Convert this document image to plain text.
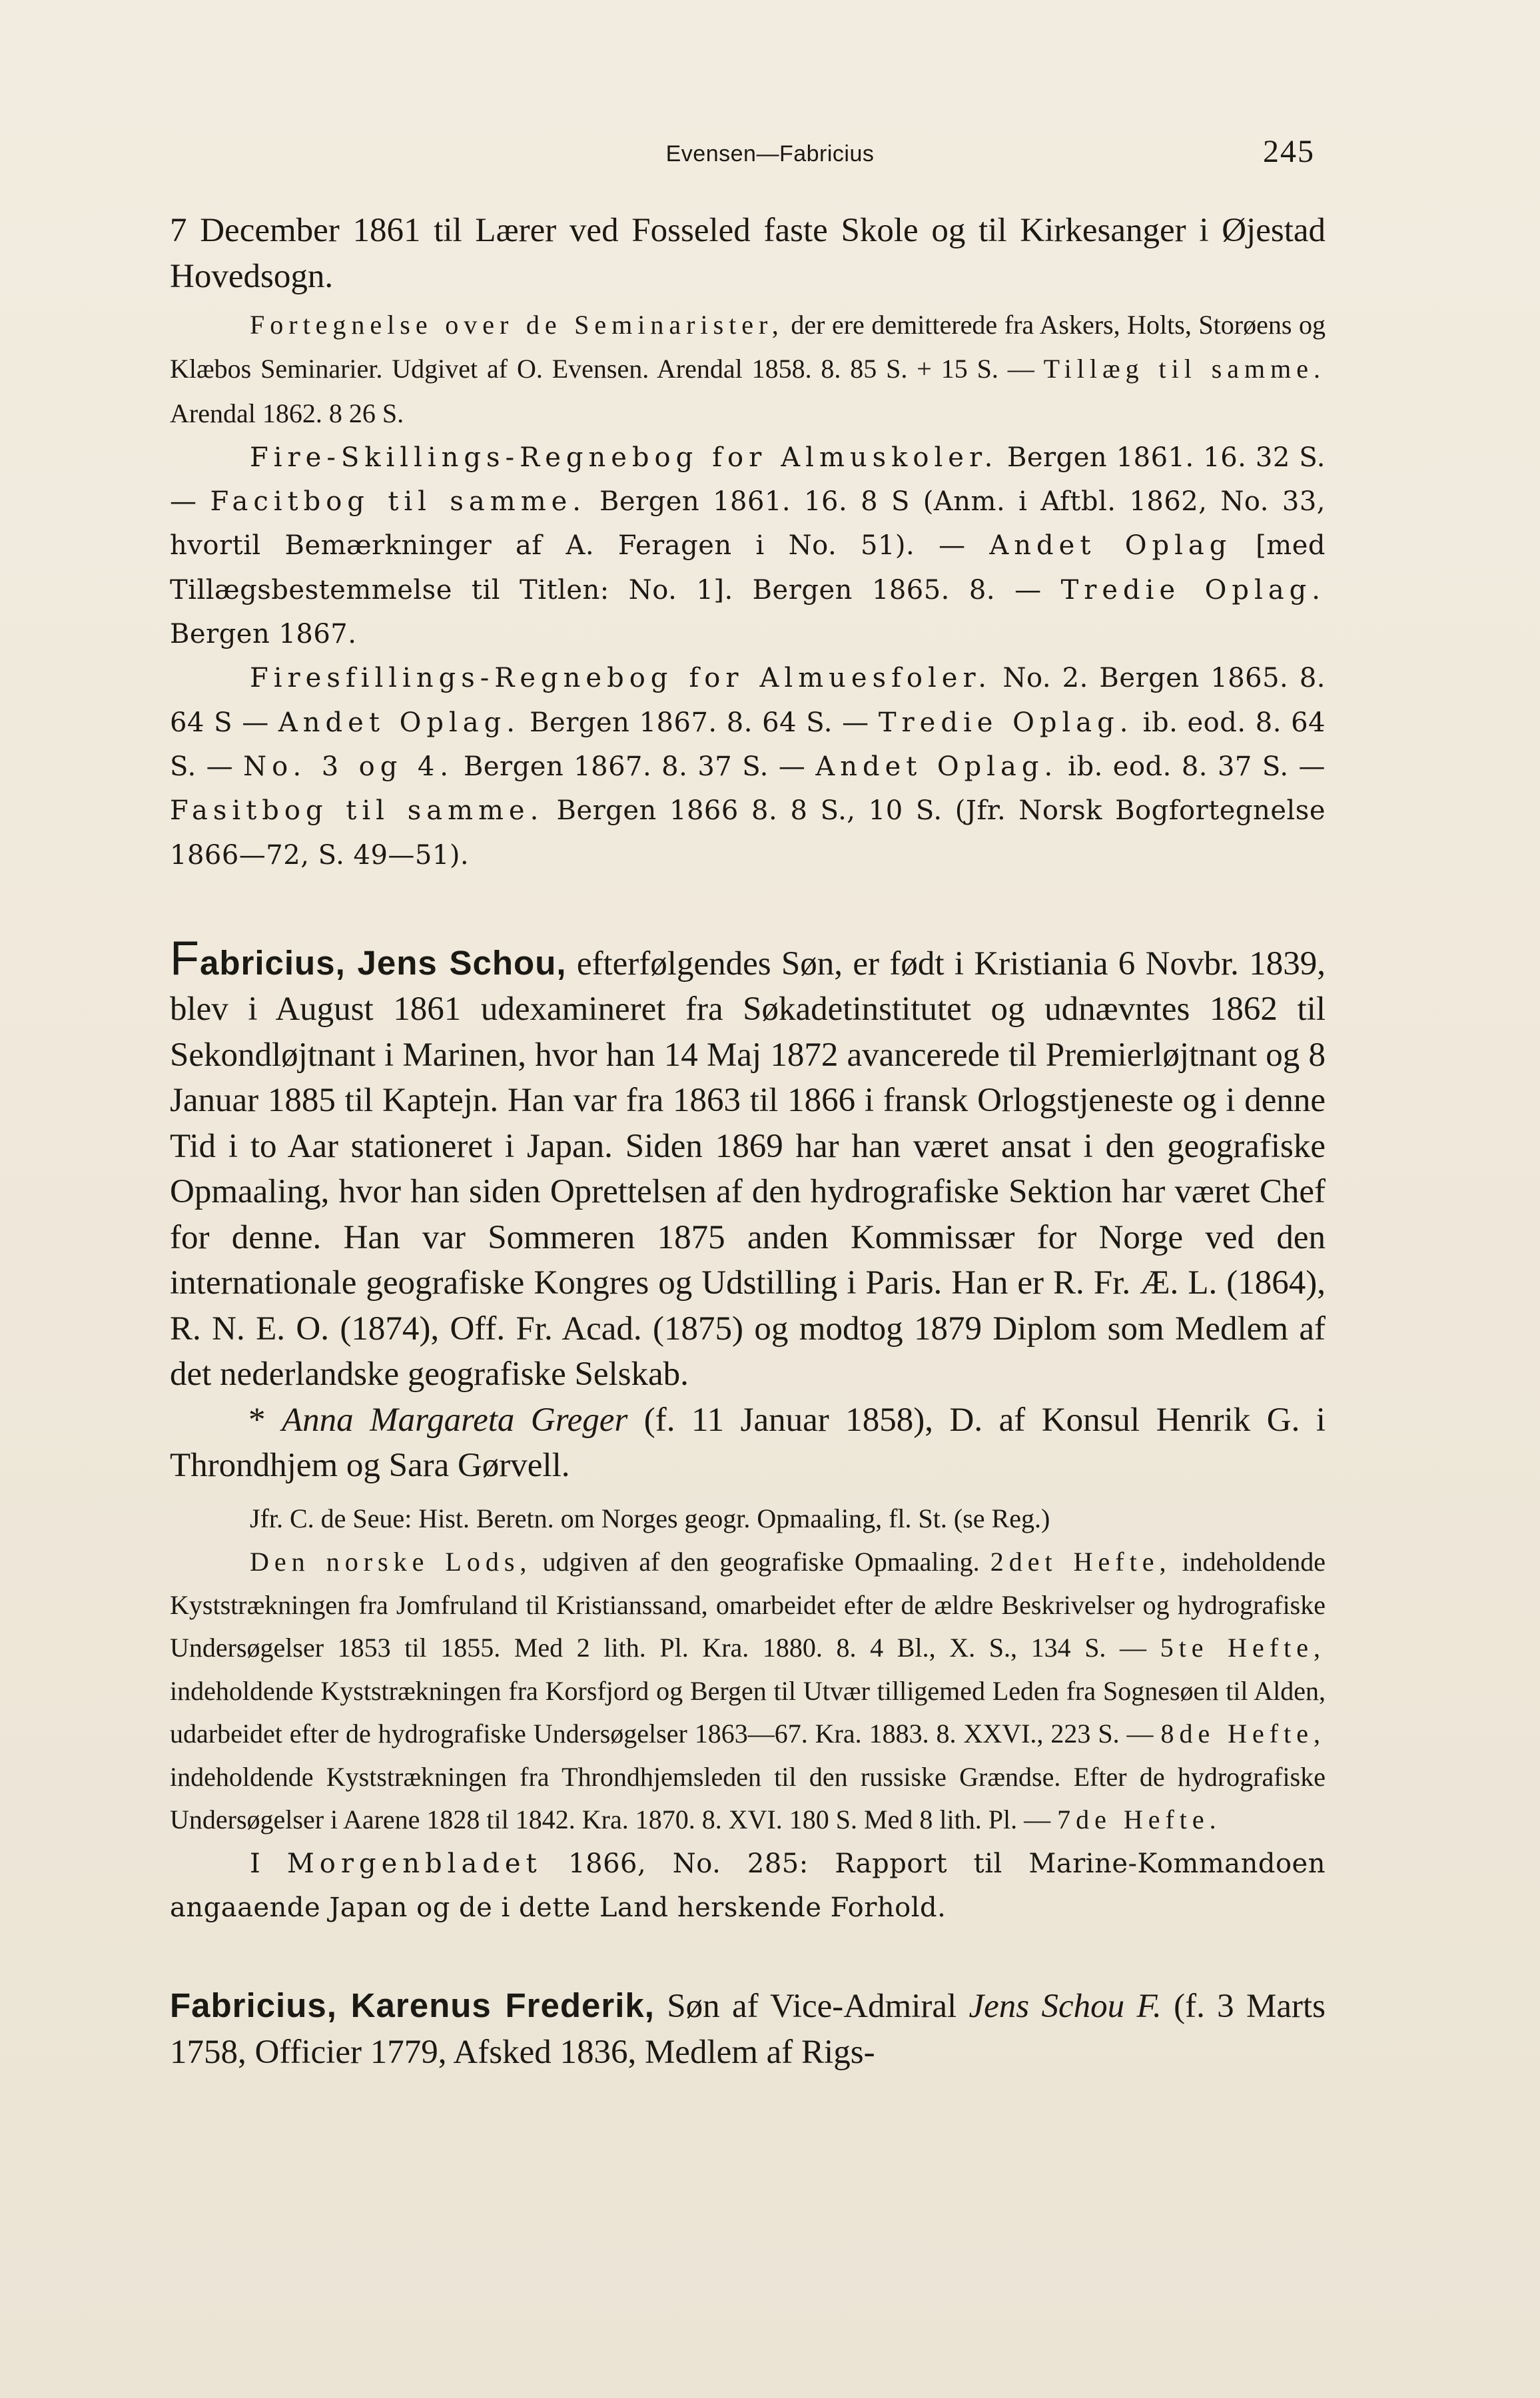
Evensen—Fabricius	245

7 December 1861 til Lærer ved Fosseled faste Skole og til Kirkesanger i Øjestad Hovedsogn.

Fortegnelse over de Seminarister, der ere demitterede fra Askers, Holts, Storøens og Klæbos Seminarier. Udgivet af O. Evensen. Arendal 1858. 8. 85 S. + 15 S. — Tillæg til samme. Arendal 1862. 8 26 S.

Fire-Skillings-Regnebog for Almuskoler. Bergen 1861. 16. 32 S. — Facitbog til samme. Bergen 1861. 16. 8 S (Anm. i Aftbl. 1862, No. 33, hvortil Bemærkninger af A. Feragen i No. 51). — Andet Oplag [med Tillægsbestemmelse til Titlen: No. 1]. Bergen 1865. 8. — Tredie Oplag. Bergen 1867.

Firesfillings-Regnebog for Almuesfoler. No. 2. Bergen 1865. 8. 64 S — Andet Oplag. Bergen 1867. 8. 64 S. — Tredie Oplag. ib. eod. 8. 64 S. — No. 3 og 4. Bergen 1867. 8. 37 S. — Andet Oplag. ib. eod. 8. 37 S. — Fasitbog til samme. Bergen 1866 8. 8 S., 10 S. (Jfr. Norsk Bogfortegnelse 1866—72, S. 49—51).

Fabricius, Jens Schou, efterfølgendes Søn, er født i Kristiania 6 Novbr. 1839, blev i August 1861 udexamineret fra Søkadetinstitutet og udnævntes 1862 til Sekondløjtnant i Marinen, hvor han 14 Maj 1872 avancerede til Premierløjtnant og 8 Januar 1885 til Kaptejn. Han var fra 1863 til 1866 i fransk Orlogstjeneste og i denne Tid i to Aar stationeret i Japan. Siden 1869 har han været ansat i den geografiske Opmaaling, hvor han siden Oprettelsen af den hydrografiske Sektion har været Chef for denne. Han var Sommeren 1875 anden Kommissær for Norge ved den internationale geografiske Kongres og Udstilling i Paris. Han er R. Fr. Æ. L. (1864), R. N. E. O. (1874), Off. Fr. Acad. (1875) og modtog 1879 Diplom som Medlem af det nederlandske geografiske Selskab.

* Anna Margareta Greger (f. 11 Januar 1858), D. af Konsul Henrik G. i Throndhjem og Sara Gørvell.

Jfr. C. de Seue: Hist. Beretn. om Norges geogr. Opmaaling, fl. St. (se Reg.)

Den norske Lods, udgiven af den geografiske Opmaaling. 2det Hefte, indeholdende Kyststrækningen fra Jomfruland til Kristianssand, omarbeidet efter de ældre Beskrivelser og hydrografiske Undersøgelser 1853 til 1855. Med 2 lith. Pl. Kra. 1880. 8. 4 Bl., X. S., 134 S. — 5te Hefte, indeholdende Kyststrækningen fra Korsfjord og Bergen til Utvær tilligemed Leden fra Sognesøen til Alden, udarbeidet efter de hydrografiske Undersøgelser 1863—67. Kra. 1883. 8. XXVI., 223 S. — 8de Hefte, indeholdende Kyststrækningen fra Throndhjemsleden til den russiske Grændse. Efter de hydrografiske Undersøgelser i Aarene 1828 til 1842. Kra. 1870. 8. XVI. 180 S. Med 8 lith. Pl. — 7de Hefte.

I Morgenbladet 1866, No. 285: Rapport til Marine-Kommandoen angaaende Japan og de i dette Land herskende Forhold.

Fabricius, Karenus Frederik, Søn af Vice-Admiral Jens Schou F. (f. 3 Marts 1758, Officier 1779, Afsked 1836, Medlem af Rigs-
